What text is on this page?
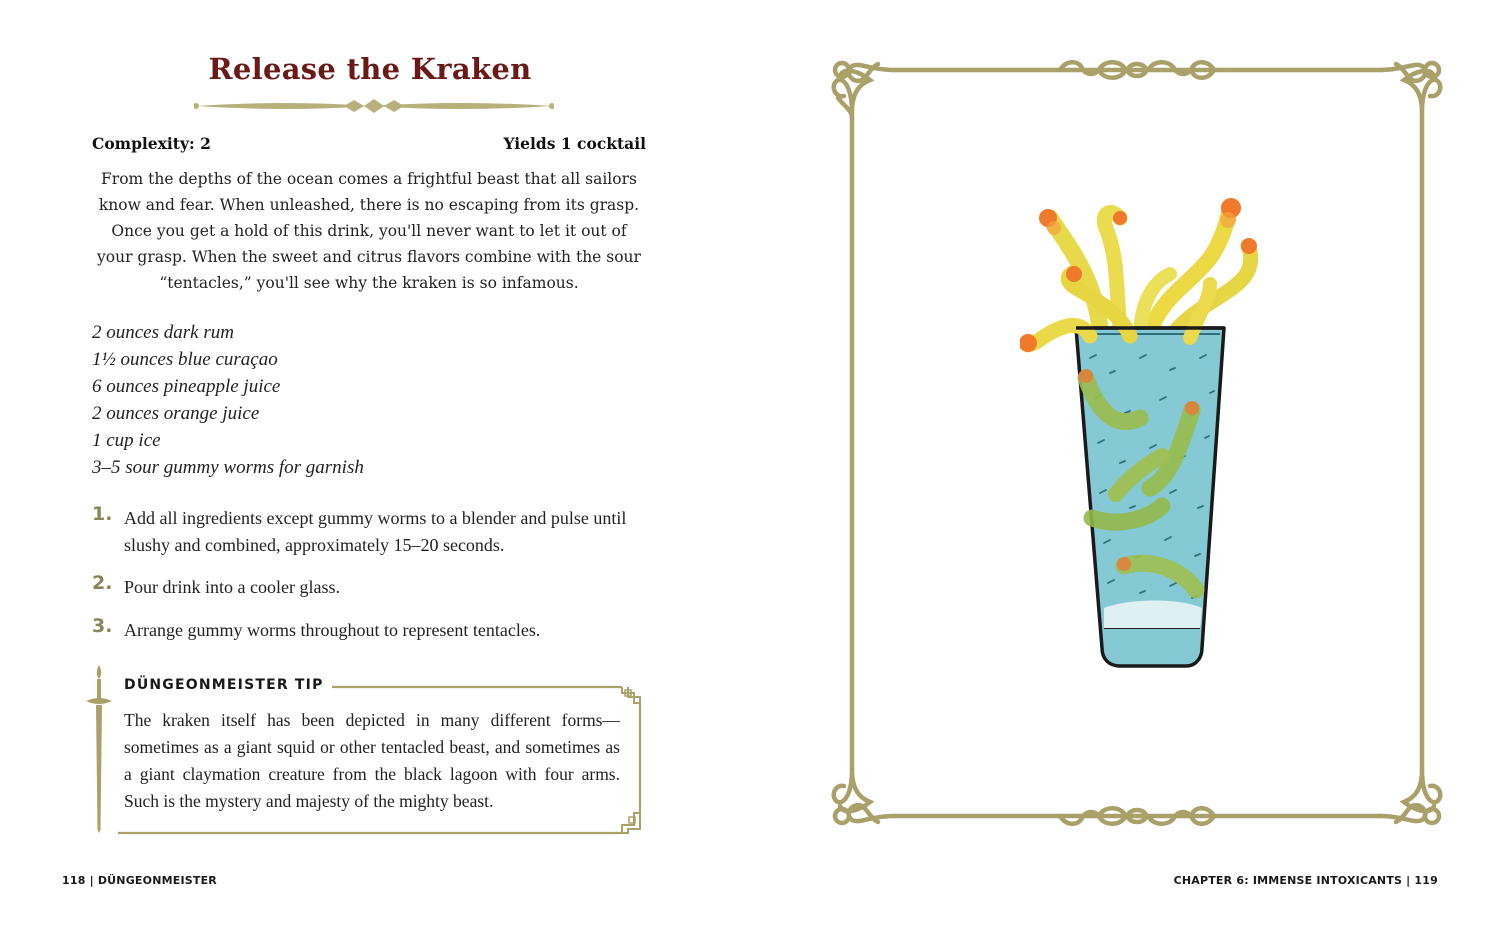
Release the Kraken
Complexity: 2	Yields 1 cocktail
From the depths of the ocean comes a frightful beast that all sailors know and fear. When unleashed, there is no escaping from its grasp. Once you get a hold of this drink, you'll never want to let it out of your grasp. When the sweet and citrus flavors combine with the sour “tentacles,” you'll see why the kraken is so infamous.
2 ounces dark rum
1½ ounces blue curaçao
6 ounces pineapple juice
2 ounces orange juice
1 cup ice
3–5 sour gummy worms for garnish
1. Add all ingredients except gummy worms to a blender and pulse until slushy and combined, approximately 15–20 seconds.
2. Pour drink into a cooler glass.
3. Arrange gummy worms throughout to represent tentacles.
DÜNGEONMEISTER TIP
The kraken itself has been depicted in many different forms—sometimes as a giant squid or other tentacled beast, and sometimes as a giant claymation creature from the black lagoon with four arms. Such is the mystery and majesty of the mighty beast.
118 | DÜNGEONMEISTER	CHAPTER 6: IMMENSE INTOXICANTS | 119
